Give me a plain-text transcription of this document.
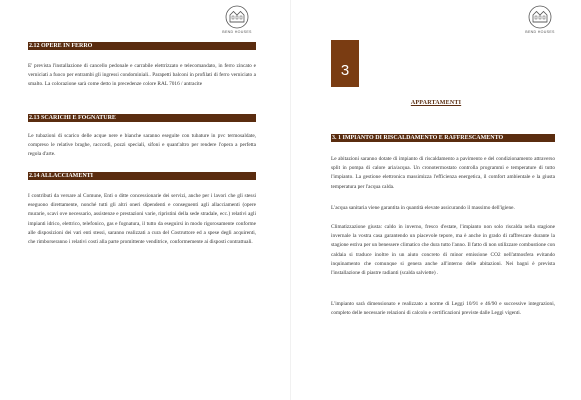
BEND HOUSES
2.12 OPERE IN FERRO

E' prevista l'installazione di cancello pedonale e carrabile elettrizzato e telecomandato, in ferro zincato e verniciati a fuoco per entrambi gli ingressi condominiali.. Parapetti balconi in profilati di ferro verniciato a smalto. La colorazione sarà come detto in precedenze colore RAL 7016 / antracite

2.13 SCARICHI E FOGNATURE

Le tubazioni di scarico delle acque nere e bianche saranno eseguite con tubature in pvc termosaldate, compreso le relative braghe, raccordi, pozzi speciali, sifoni e quant'altro per rendere l'opera a perfetta regola d'arte.

2.14 ALLACCIAMENTI

I contributi da versare al Comune, Enti o ditte concessionarie dei servizi, anche per i lavori che gli stessi eseguono direttamente, nonché tutti gli altri oneri dipendenti e conseguenti agli allacciamenti (opere murarie, scavi ove necessario, assistenze e prestazioni varie, ripristini della sede stradale, ecc.) relativi agli impianti idrico, elettrico, telefonico, gas e fognatura, il tutto da eseguirsi in modo rigorosamente conforme alle disposizioni dei vari enti stessi, saranno realizzati a cura del Costruttore ed a spese degli acquirenti, che rimborseranno i relativi costi alla parte promittente venditrice, conformemente ai disposti contrattuali.

BEND HOUSES
3
APPARTAMENTI
3. 1 IMPIANTO DI RISCALDAMENTO E RAFFRESCAMENTO

Le abitazioni saranno dotate di impianto di riscaldamento a pavimento e del condizionamento attraverso split in pompa di calore aria/acqua. Un cronotermostato controlla programmi e temperature di tutto l'impianto. La gestione elettronica massimizza l'efficienza energetica, il comfort ambientale e la giusta temperatura per l'acqua calda.

L'acqua sanitaria viene garantita in quantità elevate assicurando il massimo dell'igiene.

Climatizzazione giusta: caldo in inverno, fresco d'estate, l'impianto non solo riscalda nella stagione invernale la vostra casa garantendo un piacevole tepore, ma è anche in grado di raffrescare durante la stagione estiva per un benessere climatico che dura tutto l'anno. Il fatto di non utilizzare combustione con caldaia si traduce inoltre in un aiuto concreto di minor emissione CO2 nell'atmosfera evitando inquinamento che comunque si genera anche all'interno delle abitazioni. Nei bagni è prevista l'installazione di piastre radianti (scalda salviette) .

L'impianto sarà dimensionato e realizzato a norme di Leggi 10/91 e 46/90 e successive integrazioni, completo delle necessarie relazioni di calcolo e certificazioni previste dalle Leggi vigenti.
